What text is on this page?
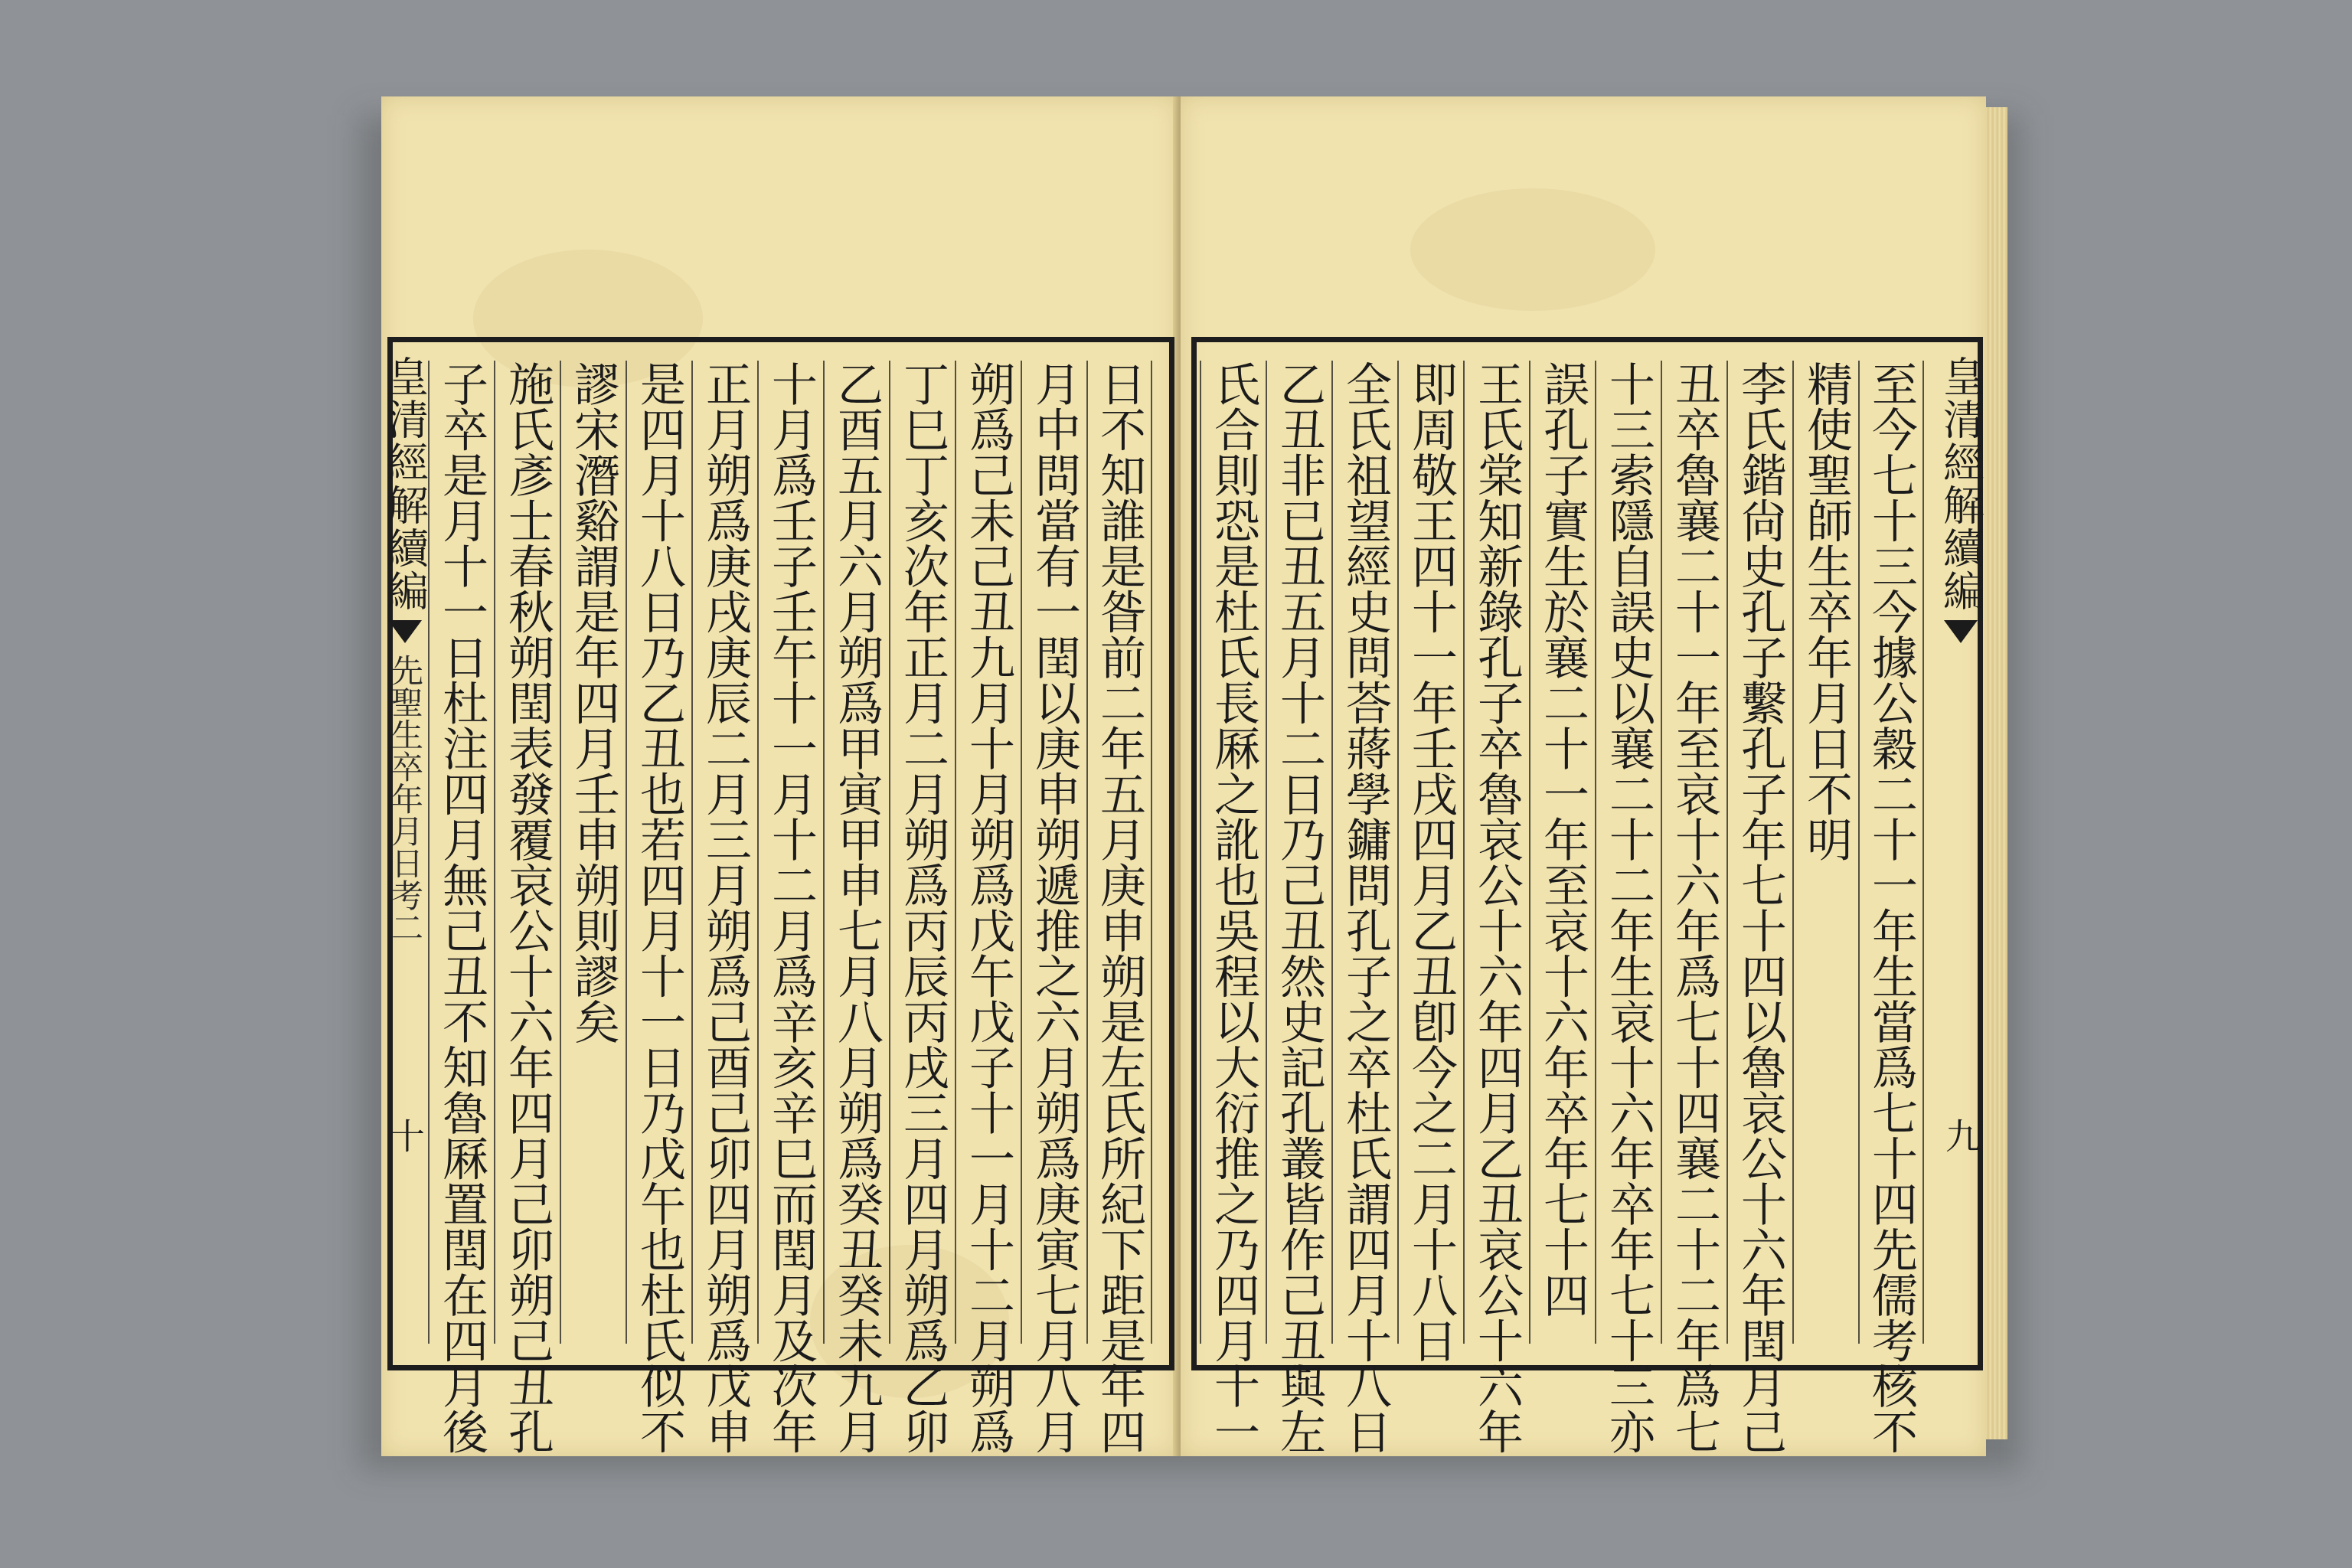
日不知誰是昝前二年五月庚申朔是左氏所紀下距是年四
月中問當有一閏以庚申朔遞推之六月朔爲庚寅七月八月
朔爲己未己丑九月十月朔爲戊午戊子十一月十二月朔爲
丁巳丁亥次年正月二月朔爲丙辰丙戌三月四月朔爲乙卯
乙酉五月六月朔爲甲寅甲申七月八月朔爲癸丑癸未九月
十月爲壬子壬午十一月十二月爲辛亥辛巳而閏月及次年
正月朔爲庚戌庚辰二月三月朔爲己酉己卯四月朔爲戊申
是四月十八日乃乙丑也若四月十一日乃戊午也杜氏似不
謬宋潛谿謂是年四月壬申朔則謬矣
施氏彥士春秋朔閏表發覆哀公十六年四月己卯朔己丑孔
子卒是月十一日杜注四月無己丑不知魯厤置閏在四月後
皇清經解續編
先聖生卒年月日考二
十	至今七十三今據公穀二十一年生當爲七十四先儒考核不
精使聖師生卒年月日不明
李氏鍇尙史孔子繫孔子年七十四以魯哀公十六年閏月己
丑卒魯襄二十一年至哀十六年爲七十四襄二十二年爲七
十三索隱自誤史以襄二十二年生哀十六年卒年七十三亦
誤孔子實生於襄二十一年至哀十六年卒年七十四
王氏棠知新錄孔子卒魯哀公十六年四月乙丑哀公十六年
即周敬王四十一年壬戌四月乙丑卽今之二月十八日
全氏祖望經史問荅蔣學鏞問孔子之卒杜氏謂四月十八日
乙丑非已丑五月十二日乃己丑然史記孔叢皆作己丑與左
氏合則恐是杜氏長厤之訛也吳程以大衍推之乃四月十一	皇清經解續編
九
